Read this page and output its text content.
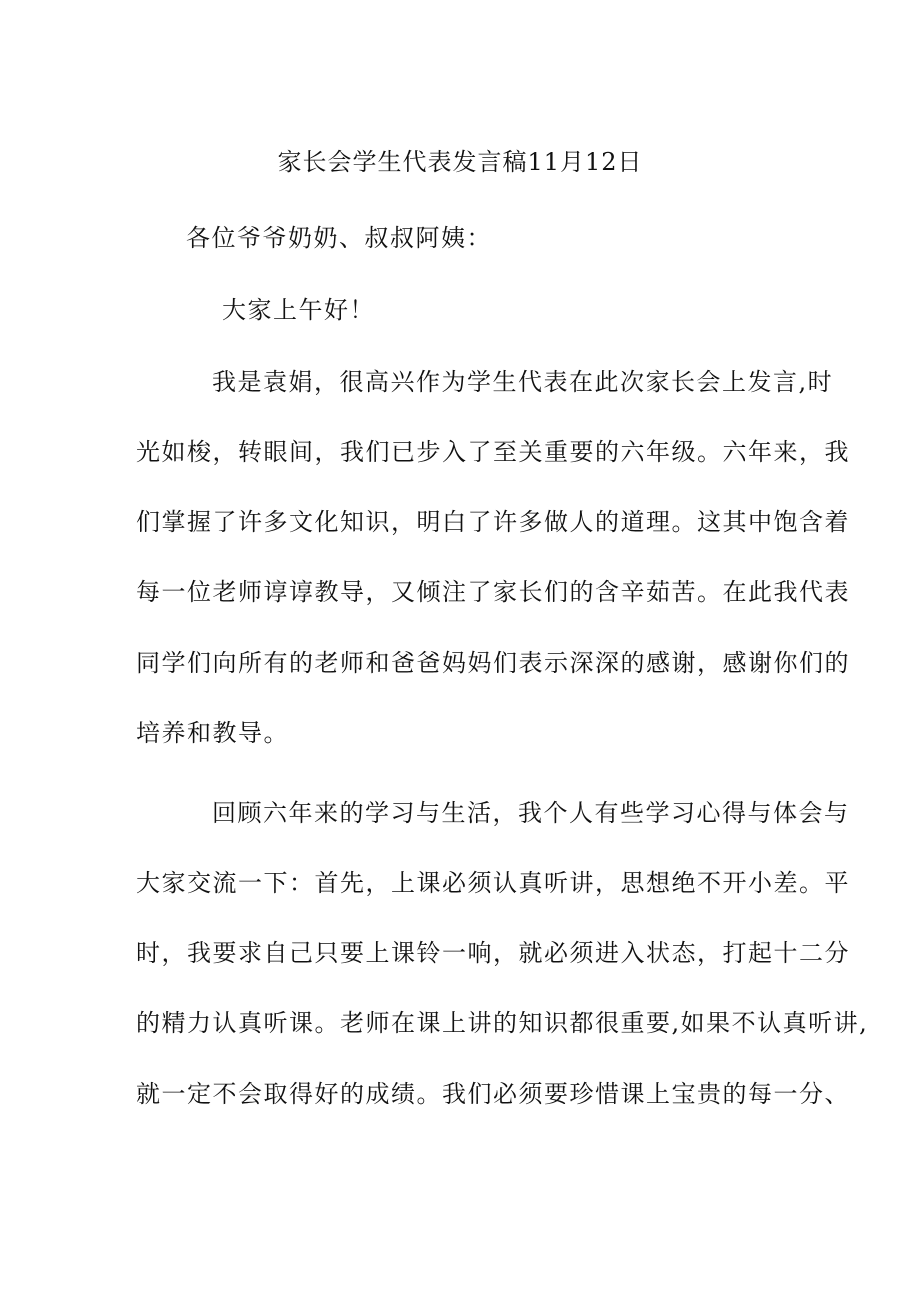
家长会学生代表发言稿11月12日
各位爷爷奶奶、叔叔阿姨：
大家上午好！
我是袁娟，很高兴作为学生代表在此次家长会上发言,时
光如梭，转眼间，我们已步入了至关重要的六年级。六年来，我
们掌握了许多文化知识，明白了许多做人的道理。这其中饱含着
每一位老师谆谆教导，又倾注了家长们的含辛茹苦。在此我代表
同学们向所有的老师和爸爸妈妈们表示深深的感谢，感谢你们的
培养和教导。
回顾六年来的学习与生活，我个人有些学习心得与体会与
大家交流一下：首先，上课必须认真听讲，思想绝不开小差。平
时，我要求自己只要上课铃一响，就必须进入状态，打起十二分
的精力认真听课。老师在课上讲的知识都很重要,如果不认真听讲,
就一定不会取得好的成绩。我们必须要珍惜课上宝贵的每一分、
